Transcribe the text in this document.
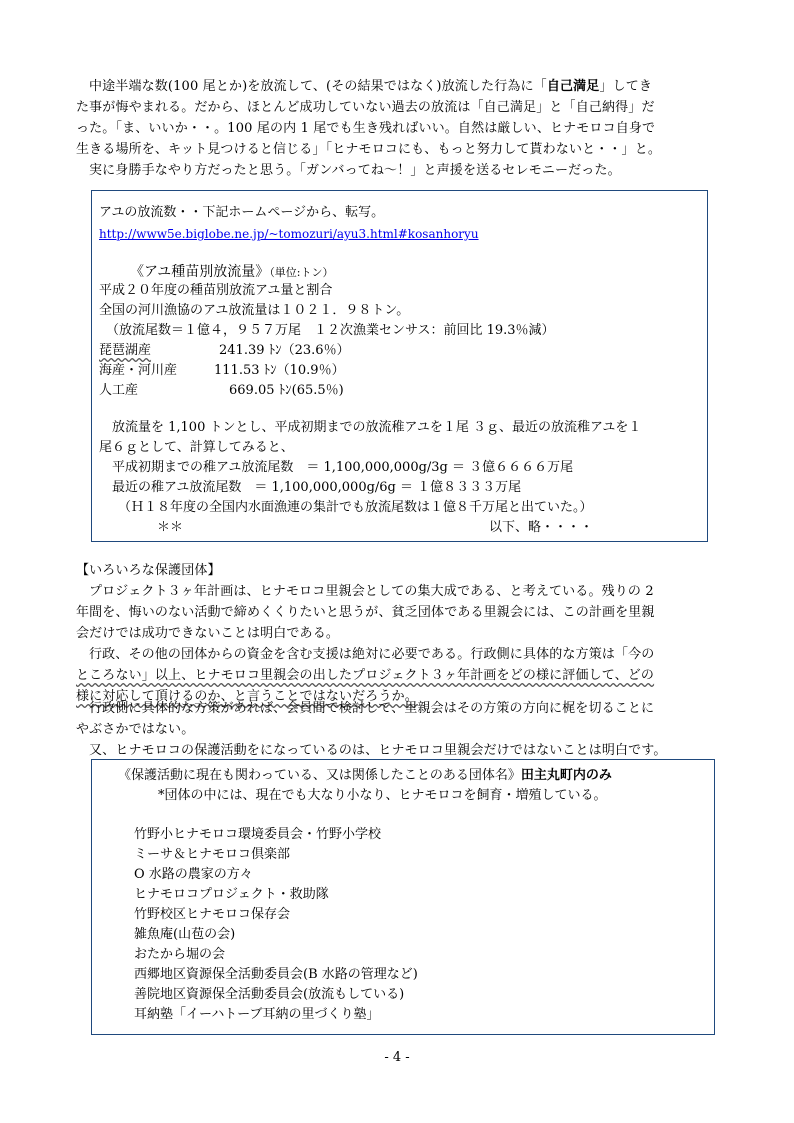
中途半端な数(100 尾とか)を放流して、(その結果ではなく)放流した行為に「自己満足」してき
た事が悔やまれる。だから、ほとんど成功していない過去の放流は「自己満足」と「自己納得」だ
った。「ま、いいか・・。100 尾の内 1 尾でも生き残ればいい。自然は厳しい、ヒナモロコ自身で
生きる場所を、キット見つけると信じる」「ヒナモロコにも、もっと努力して貰わないと・・」と。
実に身勝手なやり方だったと思う。「ガンバってね～！」と声援を送るセレモニーだった。
アユの放流数・・下記ホームページから、転写。
http://www5e.biglobe.ne.jp/~tomozuri/ayu3.html#kosanhoryu
《アユ種苗別放流量》（単位:トン）
平成２０年度の種苗別放流アユ量と割合
全国の河川漁協のアユ放流量は１０２１．９８トン。
（放流尾数＝１億４，９５７万尾　１２次漁業センサス：前回比 19.3％減）
琵琶湖産	241.39 ﾄﾝ（23.6％）
海産・河川産	111.53 ﾄﾝ（10.9％）
人工産	669.05 ﾄﾝ(65.5％)
放流量を 1,100 トンとし、平成初期までの放流稚アユを１尾 ３ｇ、最近の放流稚アユを１
尾６ｇとして、計算してみると、
平成初期までの稚アユ放流尾数　＝ 1,100,000,000g/3g ＝ ３億６６６６万尾
最近の稚アユ放流尾数　＝ 1,100,000,000g/6g ＝ １億８３３３万尾
（Ｈ１８年度の全国内水面漁連の集計でも放流尾数は１億８千万尾と出ていた。）
＊＊	以下、略・・・・
【いろいろな保護団体】
プロジェクト３ヶ年計画は、ヒナモロコ里親会としての集大成である、と考えている。残りの 2
年間を、悔いのない活動で締めくくりたいと思うが、貧乏団体である里親会には、この計画を里親
会だけでは成功できないことは明白である。
行政、その他の団体からの資金を含む支援は絶対に必要である。行政側に具体的な方策は「今の
ところない」以上、ヒナモロコ里親会の出したプロジェクト３ヶ年計画をどの様に評価して、どの
様に対応して頂けるのか、と言うことではないだろうか。
行政側に具体的な方策があれば、会員間で検討して、里親会はその方策の方向に梶を切ることに
やぶさかではない。
又、ヒナモロコの保護活動をになっているのは、ヒナモロコ里親会だけではないことは明白です。
《保護活動に現在も関わっている、又は関係したことのある団体名》田主丸町内のみ
*団体の中には、現在でも大なり小なり、ヒナモロコを飼育・増殖している。
竹野小ヒナモロコ環境委員会・竹野小学校
ミーサ＆ヒナモロコ倶楽部
O 水路の農家の方々
ヒナモロコプロジェクト・救助隊
竹野校区ヒナモロコ保存会
雑魚庵(山苞の会)
おたから堀の会
西郷地区資源保全活動委員会(B 水路の管理など)
善院地区資源保全活動委員会(放流もしている)
耳納塾「イーハトーブ耳納の里づくり塾」
- 4 -
